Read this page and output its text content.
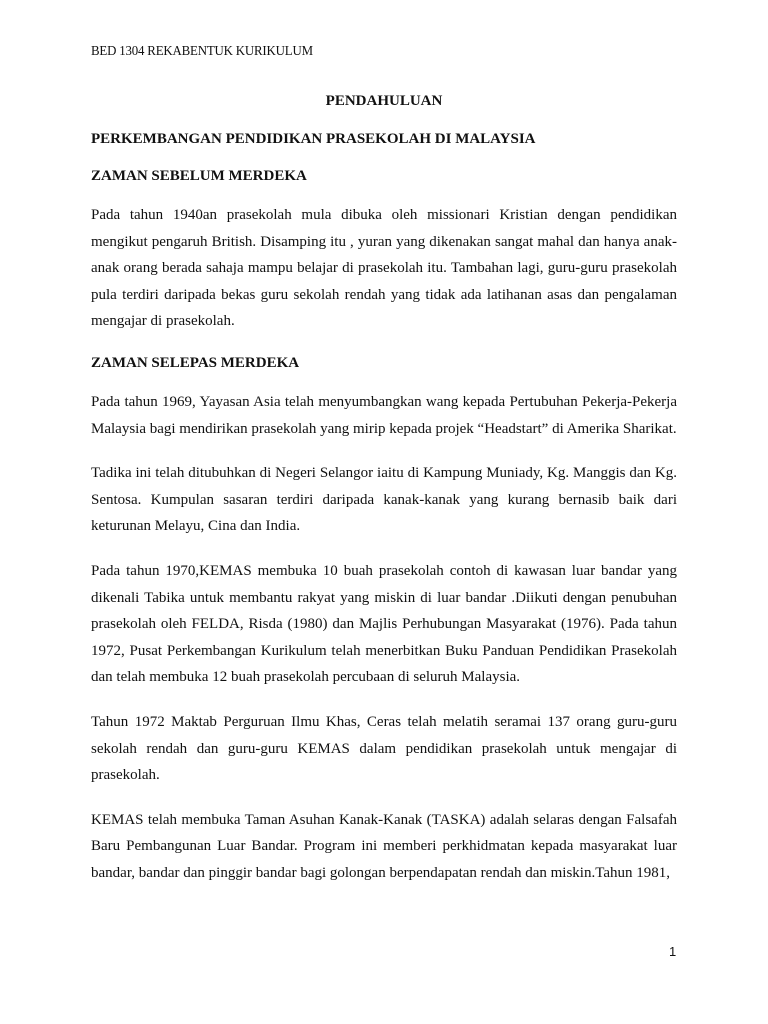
BED 1304 REKABENTUK KURIKULUM

PENDAHULUAN

PERKEMBANGAN PENDIDIKAN PRASEKOLAH DI MALAYSIA

ZAMAN SEBELUM MERDEKA

Pada tahun 1940an prasekolah mula dibuka oleh missionari Kristian dengan pendidikan mengikut pengaruh British. Disamping itu , yuran yang dikenakan sangat mahal dan hanya anak-anak orang berada sahaja mampu belajar di prasekolah itu. Tambahan lagi, guru-guru prasekolah pula terdiri daripada bekas guru sekolah rendah yang tidak ada latihanan asas dan pengalaman mengajar di prasekolah.

ZAMAN SELEPAS MERDEKA

Pada tahun 1969, Yayasan Asia telah menyumbangkan wang kepada Pertubuhan Pekerja-Pekerja Malaysia bagi mendirikan prasekolah yang mirip kepada projek “Headstart” di Amerika Sharikat.

Tadika ini telah ditubuhkan di Negeri Selangor iaitu di Kampung Muniady, Kg. Manggis dan Kg. Sentosa. Kumpulan sasaran terdiri daripada kanak-kanak yang kurang bernasib baik dari keturunan Melayu, Cina dan India.

Pada tahun 1970,KEMAS membuka 10 buah prasekolah contoh di kawasan luar bandar yang dikenali Tabika untuk membantu rakyat yang miskin di luar bandar .Diikuti dengan penubuhan prasekolah oleh FELDA, Risda (1980) dan Majlis Perhubungan Masyarakat (1976). Pada tahun 1972, Pusat Perkembangan Kurikulum telah menerbitkan Buku Panduan Pendidikan Prasekolah dan telah membuka 12 buah prasekolah percubaan di seluruh Malaysia.

Tahun 1972 Maktab Perguruan Ilmu Khas, Ceras telah melatih seramai 137 orang guru-guru sekolah rendah dan guru-guru KEMAS dalam pendidikan prasekolah untuk mengajar di prasekolah.

KEMAS telah membuka Taman Asuhan Kanak-Kanak (TASKA) adalah selaras dengan Falsafah Baru Pembangunan Luar Bandar. Program ini memberi perkhidmatan kepada masyarakat luar bandar, bandar dan pinggir bandar bagi golongan berpendapatan rendah dan miskin.Tahun 1981,

1
